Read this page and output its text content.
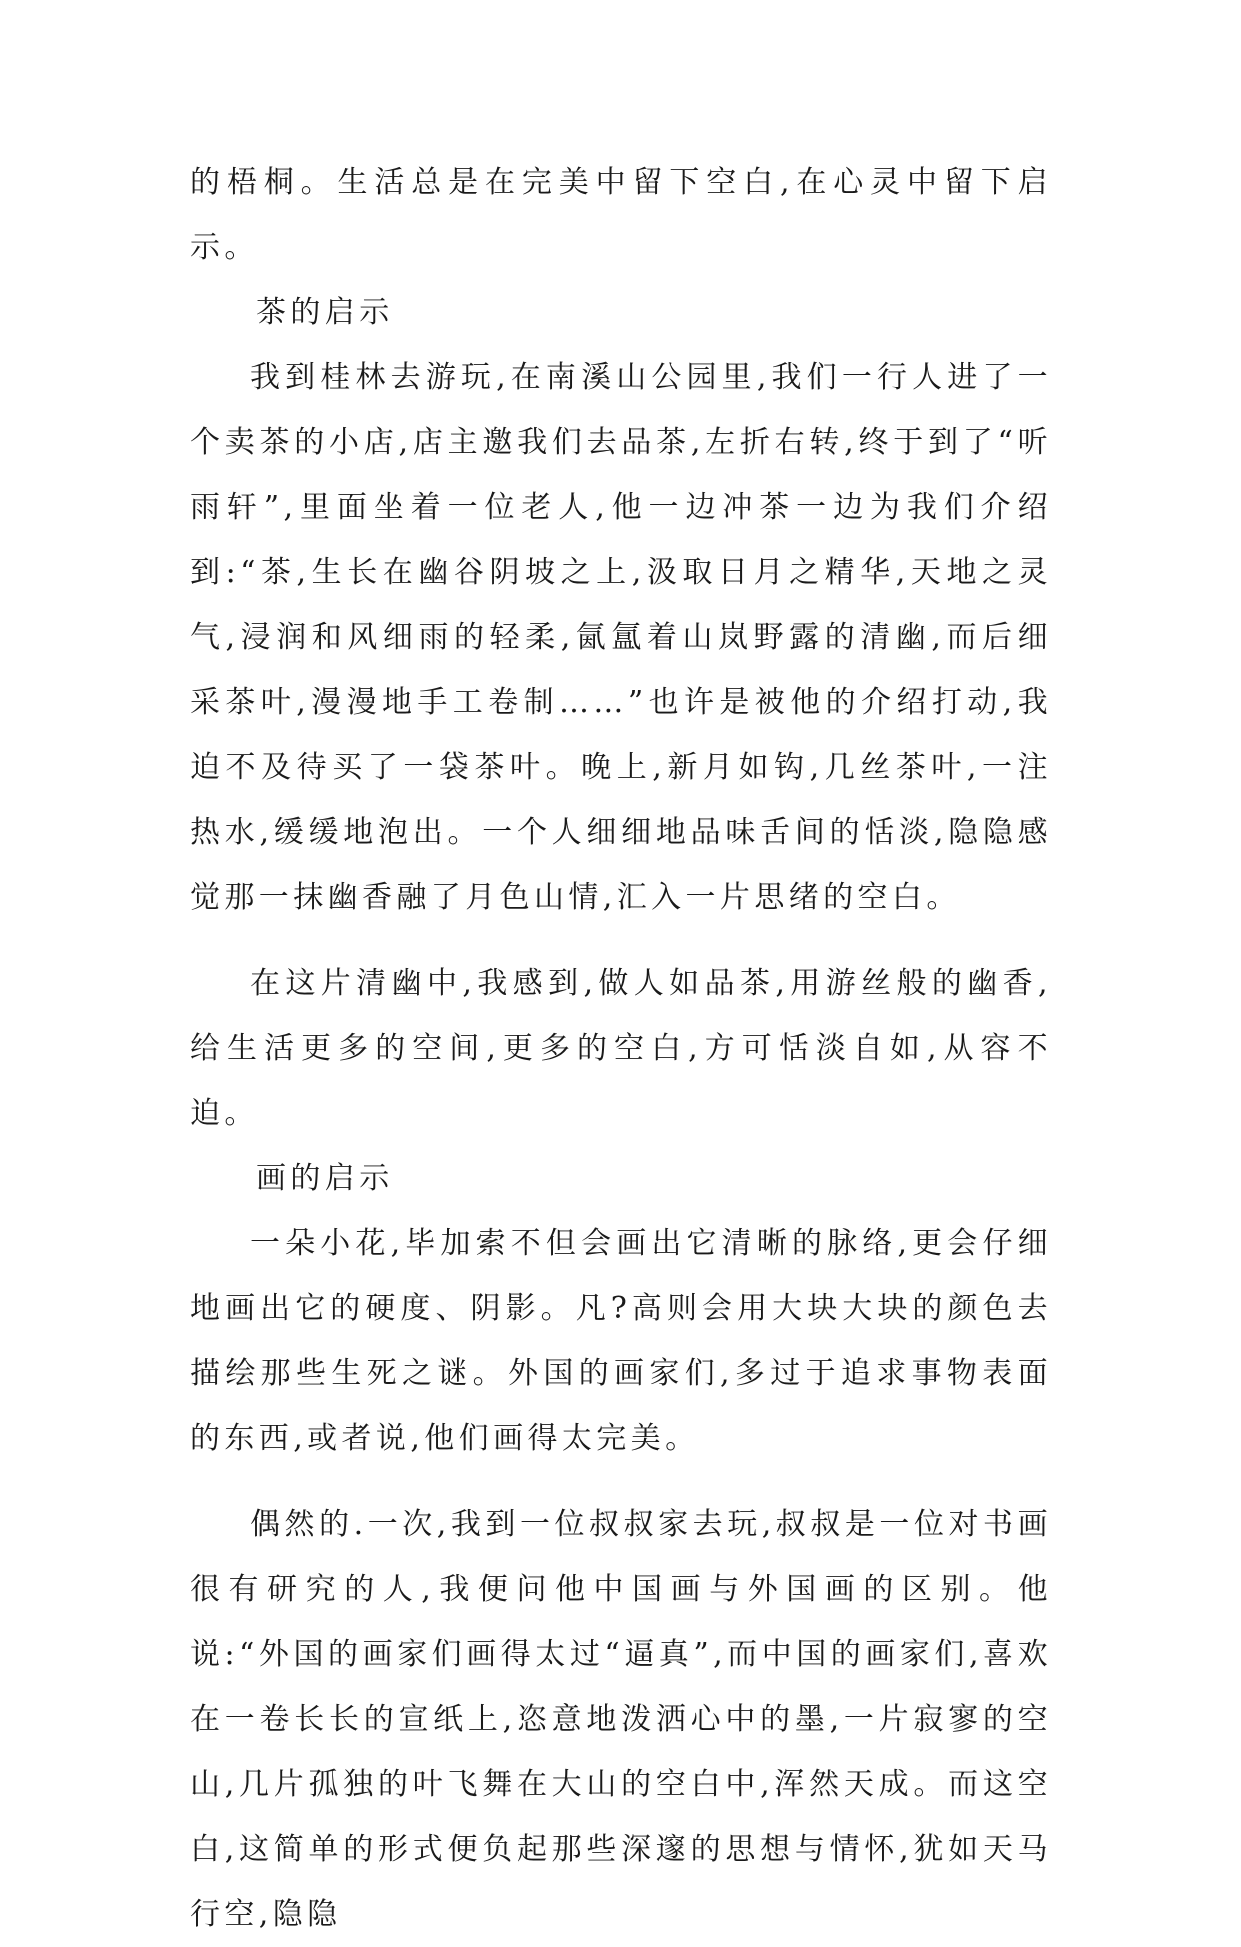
的梧桐。生活总是在完美中留下空白,在心灵中留下启示。

茶的启示

我到桂林去游玩,在南溪山公园里,我们一行人进了一个卖茶的小店,店主邀我们去品茶,左折右转,终于到了“听雨轩”,里面坐着一位老人,他一边冲茶一边为我们介绍到:“茶,生长在幽谷阴坡之上,汲取日月之精华,天地之灵气,浸润和风细雨的轻柔,氤氲着山岚野露的清幽,而后细采茶叶,漫漫地手工卷制……”也许是被他的介绍打动,我迫不及待买了一袋茶叶。晚上,新月如钩,几丝茶叶,一注热水,缓缓地泡出。一个人细细地品味舌间的恬淡,隐隐感觉那一抹幽香融了月色山情,汇入一片思绪的空白。

在这片清幽中,我感到,做人如品茶,用游丝般的幽香,给生活更多的空间,更多的空白,方可恬淡自如,从容不迫。

画的启示

一朵小花,毕加索不但会画出它清晰的脉络,更会仔细地画出它的硬度、阴影。凡?高则会用大块大块的颜色去描绘那些生死之谜。外国的画家们,多过于追求事物表面的东西,或者说,他们画得太完美。

偶然的.一次,我到一位叔叔家去玩,叔叔是一位对书画很有研究的人,我便问他中国画与外国画的区别。他说:“外国的画家们画得太过“逼真”,而中国的画家们,喜欢在一卷长长的宣纸上,恣意地泼洒心中的墨,一片寂寥的空山,几片孤独的叶飞舞在大山的空白中,浑然天成。而这空白,这简单的形式便负起那些深邃的思想与情怀,犹如天马行空,隐隐
